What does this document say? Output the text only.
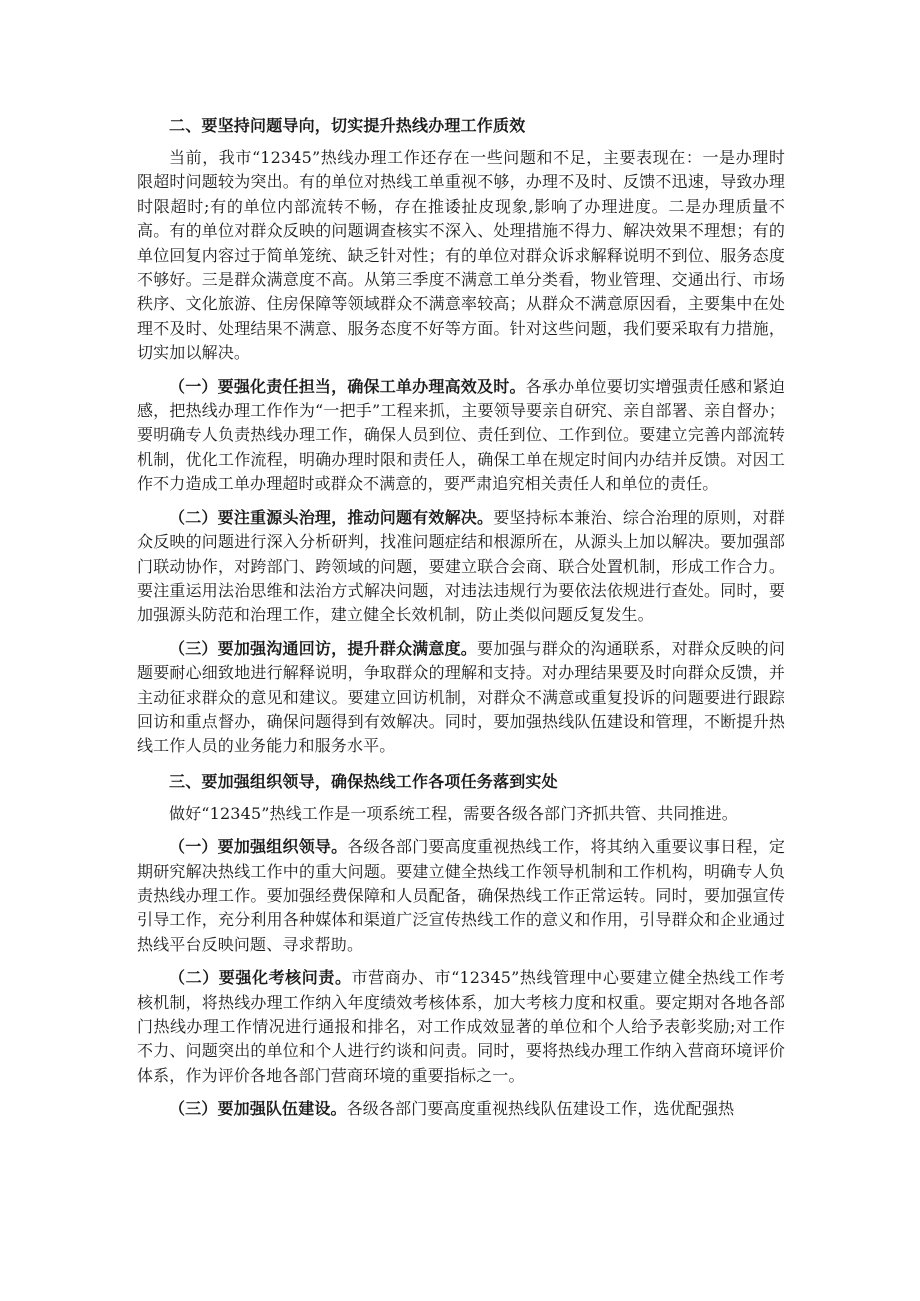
二、要坚持问题导向，切实提升热线办理工作质效

当前，我市“12345”热线办理工作还存在一些问题和不足，主要表现在：一是办理时限超时问题较为突出。有的单位对热线工单重视不够，办理不及时、反馈不迅速，导致办理时限超时;有的单位内部流转不畅，存在推诿扯皮现象,影响了办理进度。二是办理质量不高。有的单位对群众反映的问题调查核实不深入、处理措施不得力、解决效果不理想；有的单位回复内容过于简单笼统、缺乏针对性；有的单位对群众诉求解释说明不到位、服务态度不够好。三是群众满意度不高。从第三季度不满意工单分类看，物业管理、交通出行、市场秩序、文化旅游、住房保障等领域群众不满意率较高；从群众不满意原因看，主要集中在处理不及时、处理结果不满意、服务态度不好等方面。针对这些问题，我们要采取有力措施，切实加以解决。

（一）要强化责任担当，确保工单办理高效及时。各承办单位要切实增强责任感和紧迫感，把热线办理工作作为“一把手”工程来抓，主要领导要亲自研究、亲自部署、亲自督办；要明确专人负责热线办理工作，确保人员到位、责任到位、工作到位。要建立完善内部流转机制，优化工作流程，明确办理时限和责任人，确保工单在规定时间内办结并反馈。对因工作不力造成工单办理超时或群众不满意的，要严肃追究相关责任人和单位的责任。

（二）要注重源头治理，推动问题有效解决。要坚持标本兼治、综合治理的原则，对群众反映的问题进行深入分析研判，找准问题症结和根源所在，从源头上加以解决。要加强部门联动协作，对跨部门、跨领域的问题，要建立联合会商、联合处置机制，形成工作合力。要注重运用法治思维和法治方式解决问题，对违法违规行为要依法依规进行查处。同时，要加强源头防范和治理工作，建立健全长效机制，防止类似问题反复发生。

（三）要加强沟通回访，提升群众满意度。要加强与群众的沟通联系，对群众反映的问题要耐心细致地进行解释说明，争取群众的理解和支持。对办理结果要及时向群众反馈，并主动征求群众的意见和建议。要建立回访机制，对群众不满意或重复投诉的问题要进行跟踪回访和重点督办，确保问题得到有效解决。同时，要加强热线队伍建设和管理，不断提升热线工作人员的业务能力和服务水平。

三、要加强组织领导，确保热线工作各项任务落到实处

做好“12345”热线工作是一项系统工程，需要各级各部门齐抓共管、共同推进。

（一）要加强组织领导。各级各部门要高度重视热线工作，将其纳入重要议事日程，定期研究解决热线工作中的重大问题。要建立健全热线工作领导机制和工作机构，明确专人负责热线办理工作。要加强经费保障和人员配备，确保热线工作正常运转。同时，要加强宣传引导工作，充分利用各种媒体和渠道广泛宣传热线工作的意义和作用，引导群众和企业通过热线平台反映问题、寻求帮助。

（二）要强化考核问责。市营商办、市“12345”热线管理中心要建立健全热线工作考核机制，将热线办理工作纳入年度绩效考核体系，加大考核力度和权重。要定期对各地各部门热线办理工作情况进行通报和排名，对工作成效显著的单位和个人给予表彰奖励;对工作不力、问题突出的单位和个人进行约谈和问责。同时，要将热线办理工作纳入营商环境评价体系，作为评价各地各部门营商环境的重要指标之一。

（三）要加强队伍建设。各级各部门要高度重视热线队伍建设工作，选优配强热
